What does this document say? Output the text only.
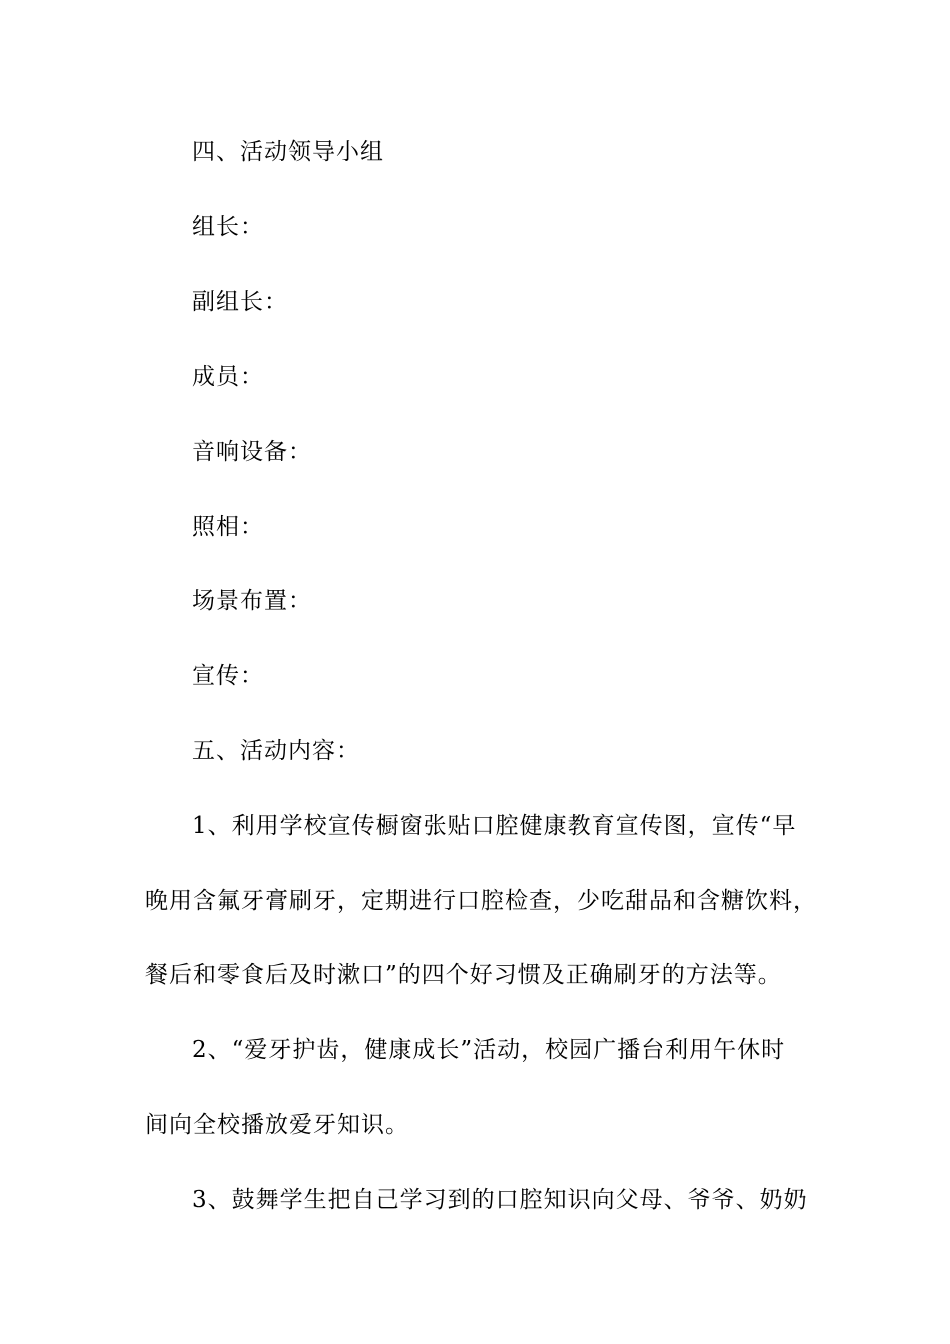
四、活动领导小组
组长：
副组长：
成员：
音响设备：
照相：
场景布置：
宣传：
五、活动内容：
1、利用学校宣传橱窗张贴口腔健康教育宣传图，宣传“早
晚用含氟牙膏刷牙，定期进行口腔检查，少吃甜品和含糖饮料，
餐后和零食后及时漱口”的四个好习惯及正确刷牙的方法等。
2、“爱牙护齿，健康成长”活动，校园广播台利用午休时
间向全校播放爱牙知识。
3、鼓舞学生把自己学习到的口腔知识向父母、爷爷、奶奶
